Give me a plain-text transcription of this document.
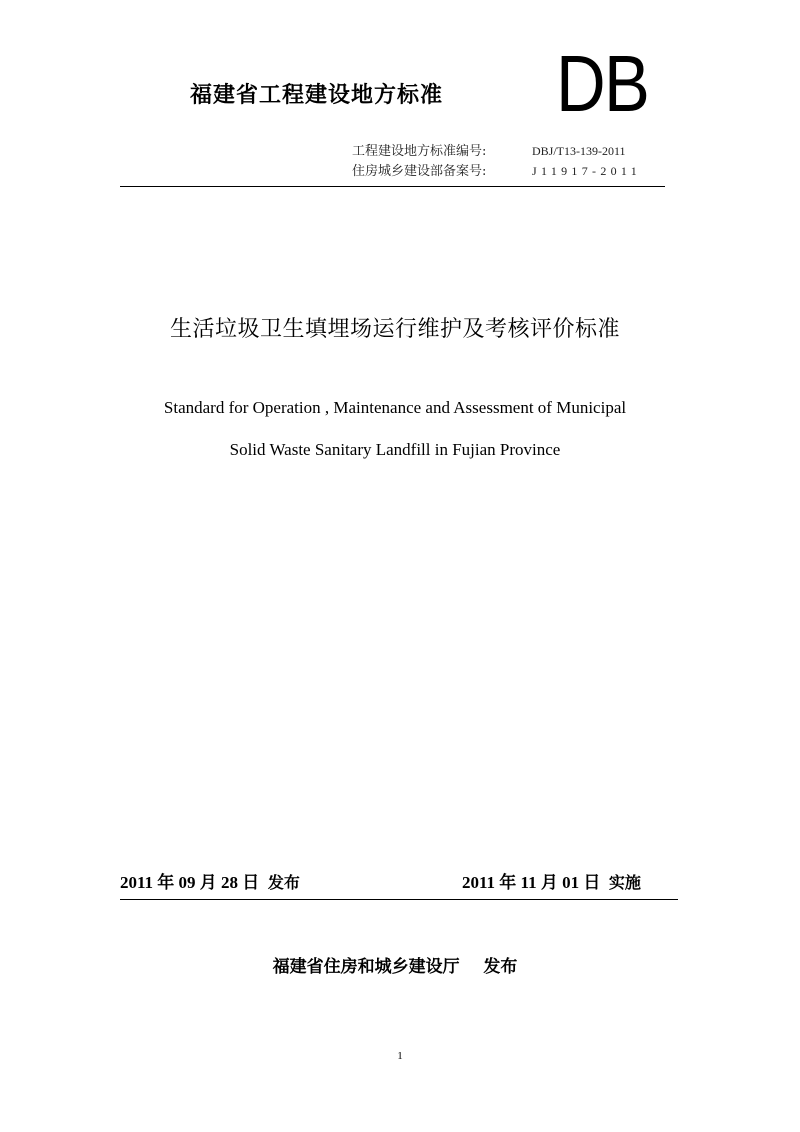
福建省工程建设地方标准 DB
工程建设地方标准编号:	DBJ/T13-139-2011
住房城乡建设部备案号:	J11917-2011
生活垃圾卫生填埋场运行维护及考核评价标准
Standard for Operation , Maintenance and Assessment of Municipal
Solid Waste Sanitary Landfill in Fujian Province
2011 年 09 月 28 日 发布	2011 年 11 月 01 日 实施
福建省住房和城乡建设厅 发布
1
